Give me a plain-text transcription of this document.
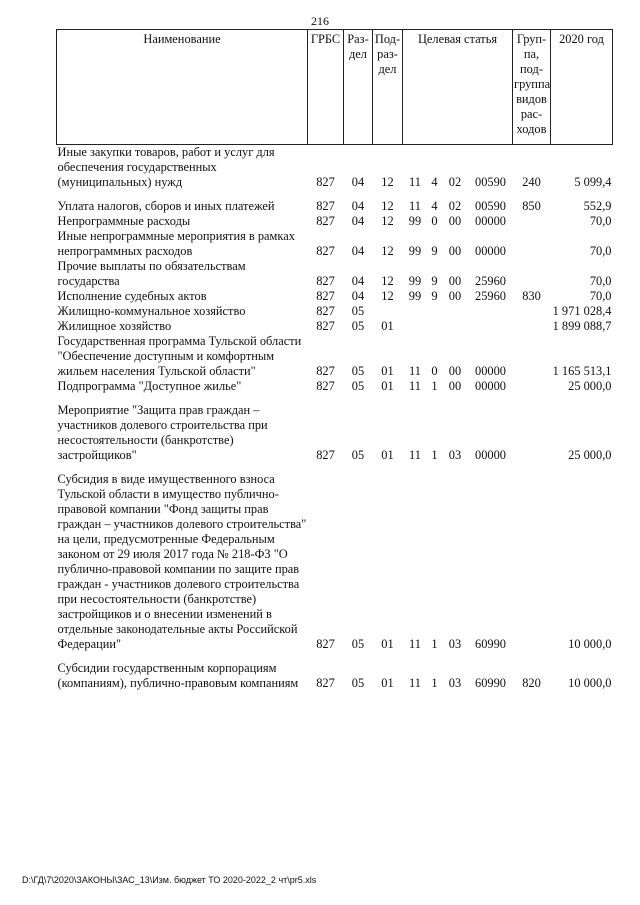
216
Наименование	ГРБС	Раз-дел	Под-раз-дел	Целевая статья				Груп-па, под-группа видов рас-ходов	2020 год
Иные закупки товаров, работ и услуг для обеспечения государственных (муниципальных) нужд	827	04	12	11	4	02	00590	240	5 099,4

Уплата налогов, сборов и иных платежей	827	04	12	11	4	02	00590	850	552,9
Непрограммные расходы	827	04	12	99	0	00	00000		70,0
Иные непрограммные мероприятия в рамках непрограммных расходов	827	04	12	99	9	00	00000		70,0
Прочие выплаты по обязательствам государства	827	04	12	99	9	00	25960		70,0
Исполнение судебных актов	827	04	12	99	9	00	25960	830	70,0
Жилищно-коммунальное хозяйство	827	05							1 971 028,4
Жилищное хозяйство	827	05	01						1 899 088,7
Государственная программа Тульской области "Обеспечение доступным и комфортным жильем населения Тульской области"	827	05	01	11	0	00	00000		1 165 513,1
Подпрограмма "Доступное жилье"	827	05	01	11	1	00	00000		25 000,0

Мероприятие "Защита прав граждан – участников долевого строительства при несостоятельности (банкротстве) застройщиков"	827	05	01	11	1	03	00000		25 000,0

Субсидия в виде имущественного взноса Тульской области в имущество публично-правовой компании "Фонд защиты прав граждан – участников долевого строительства" на цели, предусмотренные Федеральным законом от 29 июля 2017 года № 218-ФЗ "О публично-правовой компании по защите прав граждан - участников долевого строительства при несостоятельности (банкротстве) застройщиков и о внесении изменений в отдельные законодательные акты Российской Федерации"	827	05	01	11	1	03	60990		10 000,0

Субсидии государственным корпорациям (компаниям), публично-правовым компаниям	827	05	01	11	1	03	60990	820	10 000,0
D:\ГД\7\2020\ЗАКОНЫ\ЗАС_13\Изм. бюджет ТО 2020-2022_2 чт\pr5.xls
